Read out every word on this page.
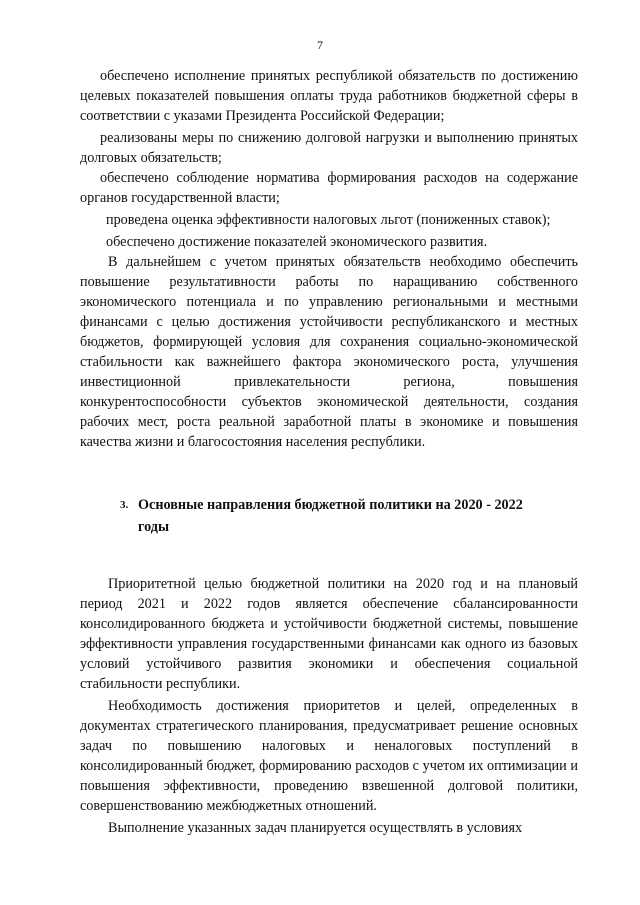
7

обеспечено исполнение принятых республикой обязательств по достижению целевых показателей повышения оплаты труда работников бюджетной сферы в соответствии с указами Президента Российской Федерации;

реализованы меры по снижению долговой нагрузки и выполнению принятых долговых обязательств;

обеспечено соблюдение норматива формирования расходов на содержание органов государственной власти;

проведена оценка эффективности налоговых льгот (пониженных ставок);

обеспечено достижение показателей экономического развития.

В дальнейшем с учетом принятых обязательств необходимо обеспечить повышение результативности работы по наращиванию собственного экономического потенциала и по управлению региональными и местными финансами с целью достижения устойчивости республиканского и местных бюджетов, формирующей условия для сохранения социально-экономической стабильности как важнейшего фактора экономического роста, улучшения инвестиционной привлекательности региона, повышения конкурентоспособности субъектов экономической деятельности, создания рабочих мест, роста реальной заработной платы в экономике и повышения качества жизни и благосостояния населения республики.

3. Основные направления бюджетной политики на 2020 - 2022 годы

Приоритетной целью бюджетной политики на 2020 год и на плановый период 2021 и 2022 годов является обеспечение сбалансированности консолидированного бюджета и устойчивости бюджетной системы, повышение эффективности управления государственными финансами как одного из базовых условий устойчивого развития экономики и обеспечения социальной стабильности республики.

Необходимость достижения приоритетов и целей, определенных в документах стратегического планирования, предусматривает решение основных задач по повышению налоговых и неналоговых поступлений в консолидированный бюджет, формированию расходов с учетом их оптимизации и повышения эффективности, проведению взвешенной долговой политики, совершенствованию межбюджетных отношений.

Выполнение указанных задач планируется осуществлять в условиях
